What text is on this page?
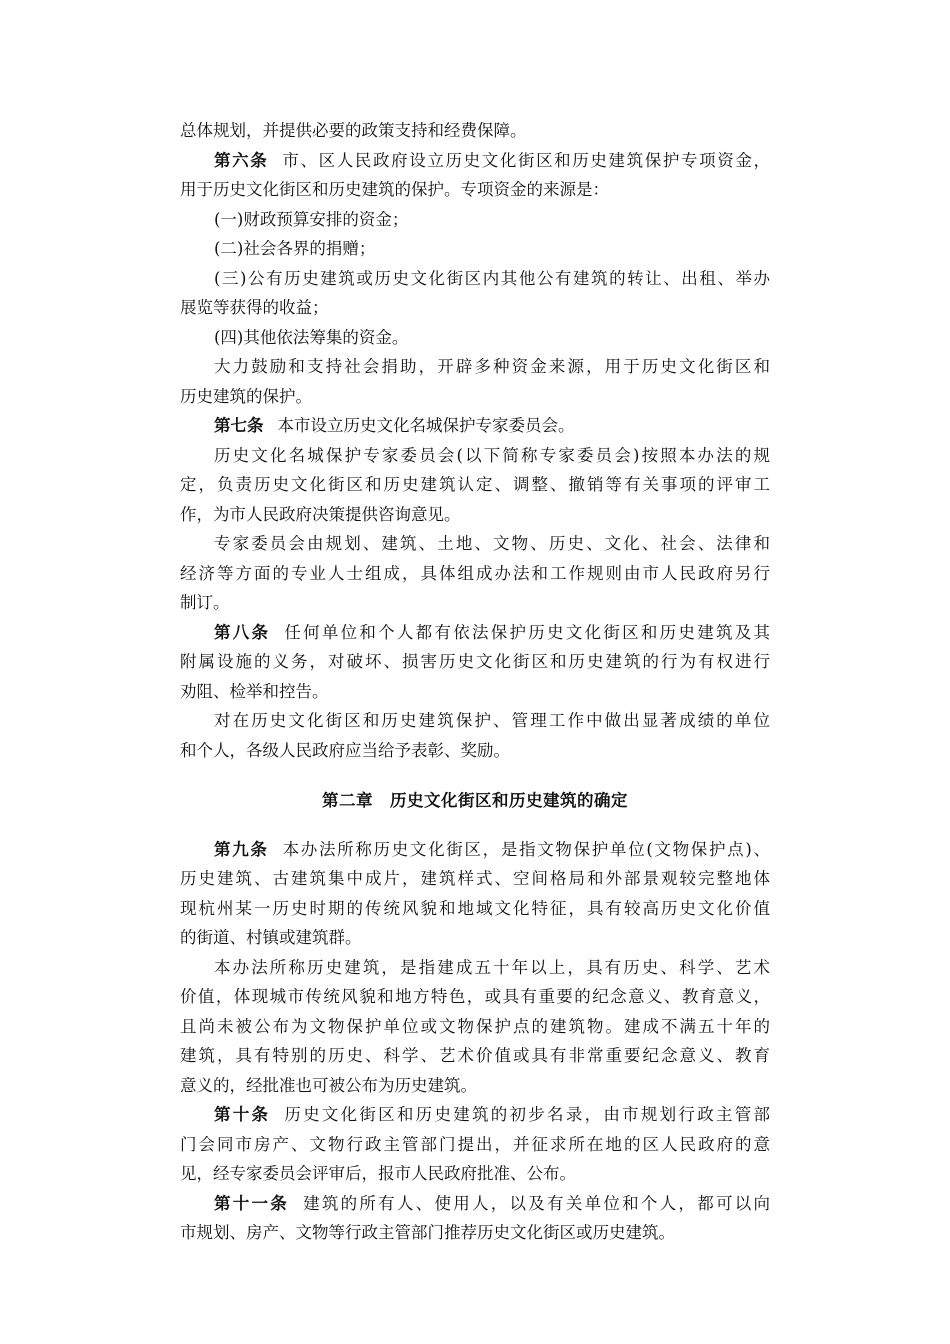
总体规划，并提供必要的政策支持和经费保障。
第六条 市、区人民政府设立历史文化街区和历史建筑保护专项资金，
用于历史文化街区和历史建筑的保护。专项资金的来源是：
(一)财政预算安排的资金；
(二)社会各界的捐赠；
(三)公有历史建筑或历史文化街区内其他公有建筑的转让、出租、举办
展览等获得的收益；
(四)其他依法筹集的资金。
大力鼓励和支持社会捐助，开辟多种资金来源，用于历史文化街区和
历史建筑的保护。
第七条 本市设立历史文化名城保护专家委员会。
历史文化名城保护专家委员会(以下简称专家委员会)按照本办法的规
定，负责历史文化街区和历史建筑认定、调整、撤销等有关事项的评审工
作，为市人民政府决策提供咨询意见。
专家委员会由规划、建筑、土地、文物、历史、文化、社会、法律和
经济等方面的专业人士组成，具体组成办法和工作规则由市人民政府另行
制订。
第八条 任何单位和个人都有依法保护历史文化街区和历史建筑及其
附属设施的义务，对破坏、损害历史文化街区和历史建筑的行为有权进行
劝阻、检举和控告。
对在历史文化街区和历史建筑保护、管理工作中做出显著成绩的单位
和个人，各级人民政府应当给予表彰、奖励。
第二章　历史文化街区和历史建筑的确定
第九条 本办法所称历史文化街区，是指文物保护单位(文物保护点)、
历史建筑、古建筑集中成片，建筑样式、空间格局和外部景观较完整地体
现杭州某一历史时期的传统风貌和地域文化特征，具有较高历史文化价值
的街道、村镇或建筑群。
本办法所称历史建筑，是指建成五十年以上，具有历史、科学、艺术
价值，体现城市传统风貌和地方特色，或具有重要的纪念意义、教育意义，
且尚未被公布为文物保护单位或文物保护点的建筑物。建成不满五十年的
建筑，具有特别的历史、科学、艺术价值或具有非常重要纪念意义、教育
意义的，经批准也可被公布为历史建筑。
第十条 历史文化街区和历史建筑的初步名录，由市规划行政主管部
门会同市房产、文物行政主管部门提出，并征求所在地的区人民政府的意
见，经专家委员会评审后，报市人民政府批准、公布。
第十一条 建筑的所有人、使用人，以及有关单位和个人，都可以向
市规划、房产、文物等行政主管部门推荐历史文化街区或历史建筑。
